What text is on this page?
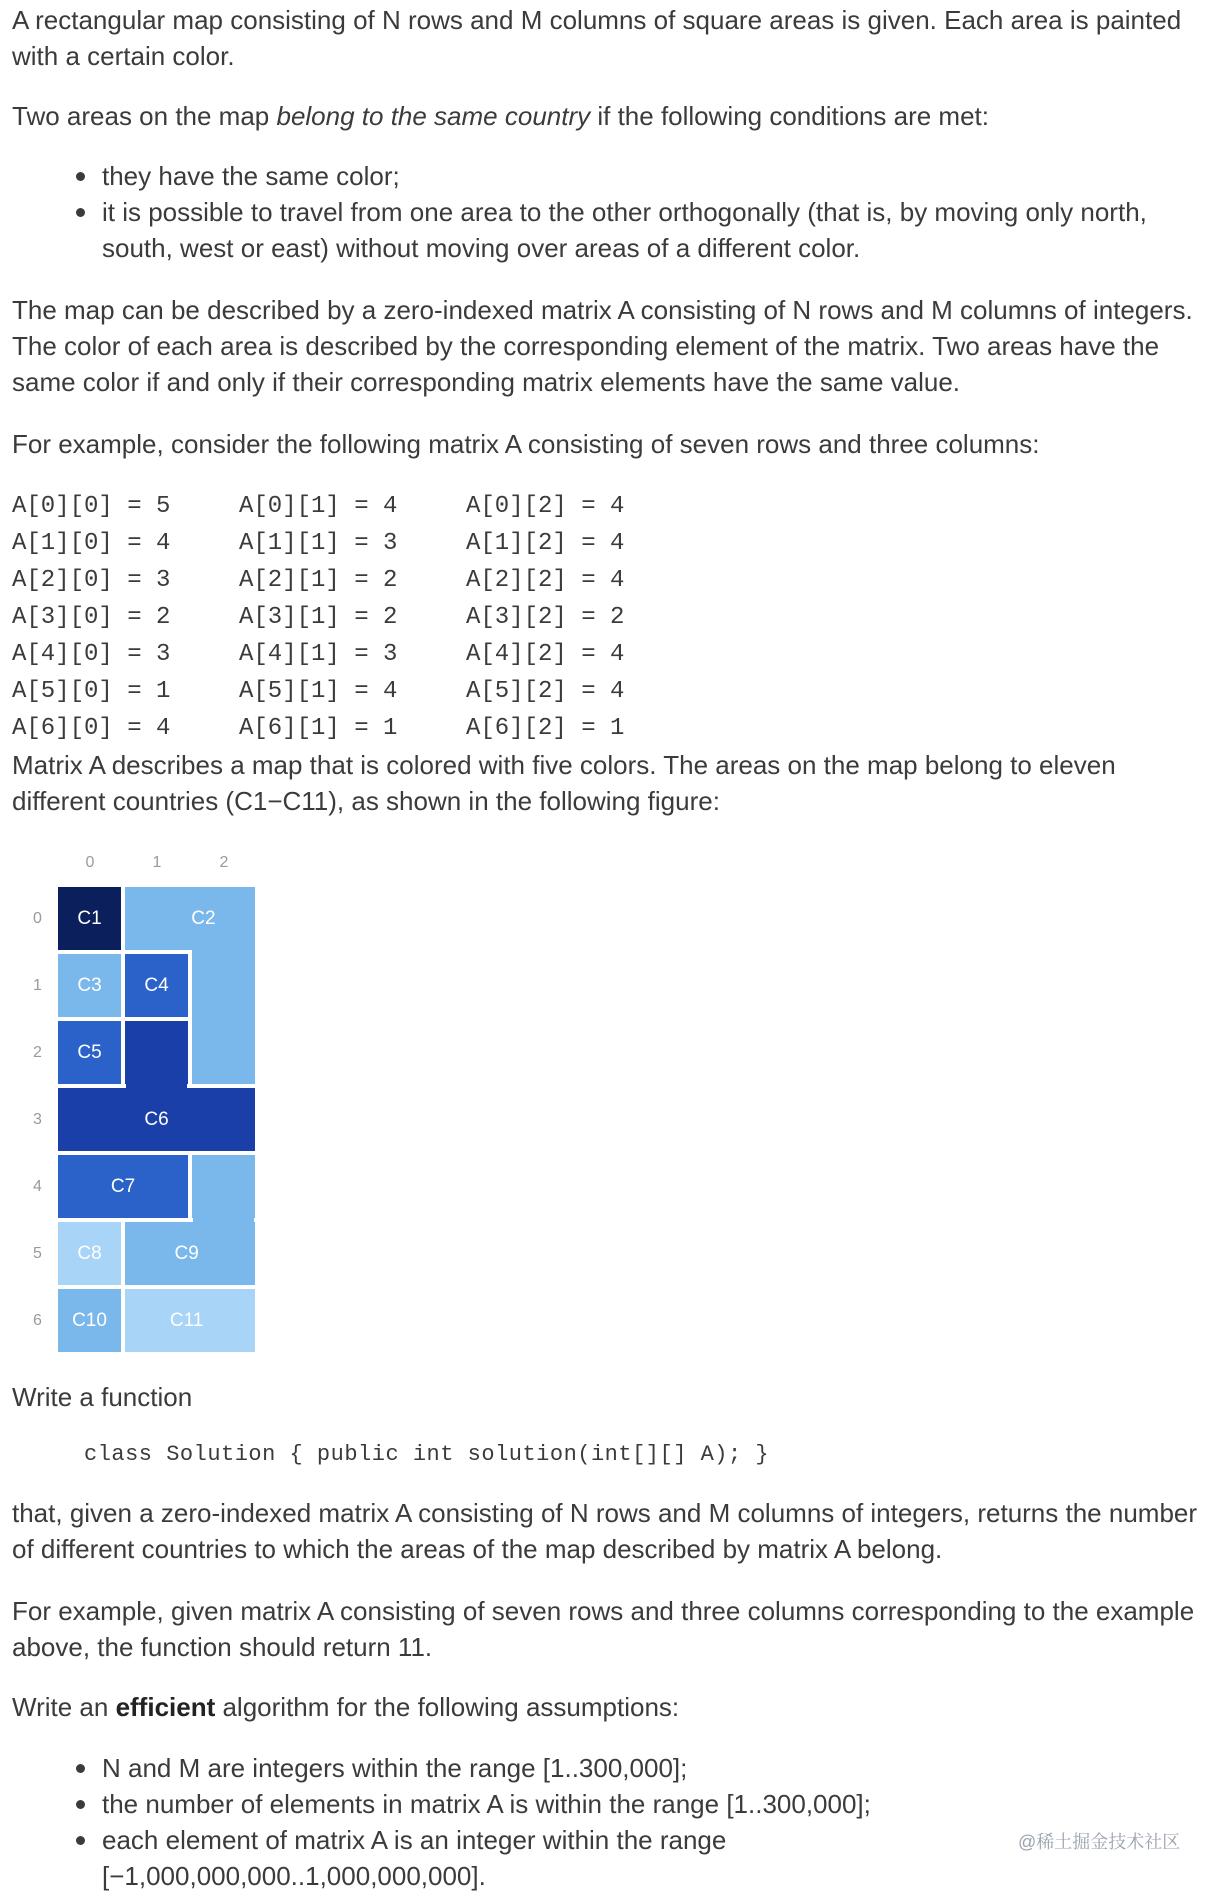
A rectangular map consisting of N rows and M columns of square areas is given. Each area is painted with a certain color.

Two areas on the map belong to the same country if the following conditions are met:

they have the same color;
it is possible to travel from one area to the other orthogonally (that is, by moving only north, south, west or east) without moving over areas of a different color.

The map can be described by a zero-indexed matrix A consisting of N rows and M columns of integers. The color of each area is described by the corresponding element of the matrix. Two areas have the same color if and only if their corresponding matrix elements have the same value.

For example, consider the following matrix A consisting of seven rows and three columns:

A[0][0] = 5	A[0][1] = 4	A[0][2] = 4
A[1][0] = 4	A[1][1] = 3	A[1][2] = 4
A[2][0] = 3	A[2][1] = 2	A[2][2] = 4
A[3][0] = 2	A[3][1] = 2	A[3][2] = 2
A[4][0] = 3	A[4][1] = 3	A[4][2] = 4
A[5][0] = 1	A[5][1] = 4	A[5][2] = 4
A[6][0] = 4	A[6][1] = 1	A[6][2] = 1

Matrix A describes a map that is colored with five colors. The areas on the map belong to eleven different countries (C1−C11), as shown in the following figure:

0	1	2
0
1
2
3
4
5
6
C1	C2
C3 C4
C5
C6
C7
C8	C9
C10	C11

Write a function

class Solution { public int solution(int[][] A); }

that, given a zero-indexed matrix A consisting of N rows and M columns of integers, returns the number of different countries to which the areas of the map described by matrix A belong.

For example, given matrix A consisting of seven rows and three columns corresponding to the example above, the function should return 11.

Write an efficient algorithm for the following assumptions:

N and M are integers within the range [1..300,000];
the number of elements in matrix A is within the range [1..300,000];
each element of matrix A is an integer within the range [−1,000,000,000..1,000,000,000].
@稀土掘金技术社区
